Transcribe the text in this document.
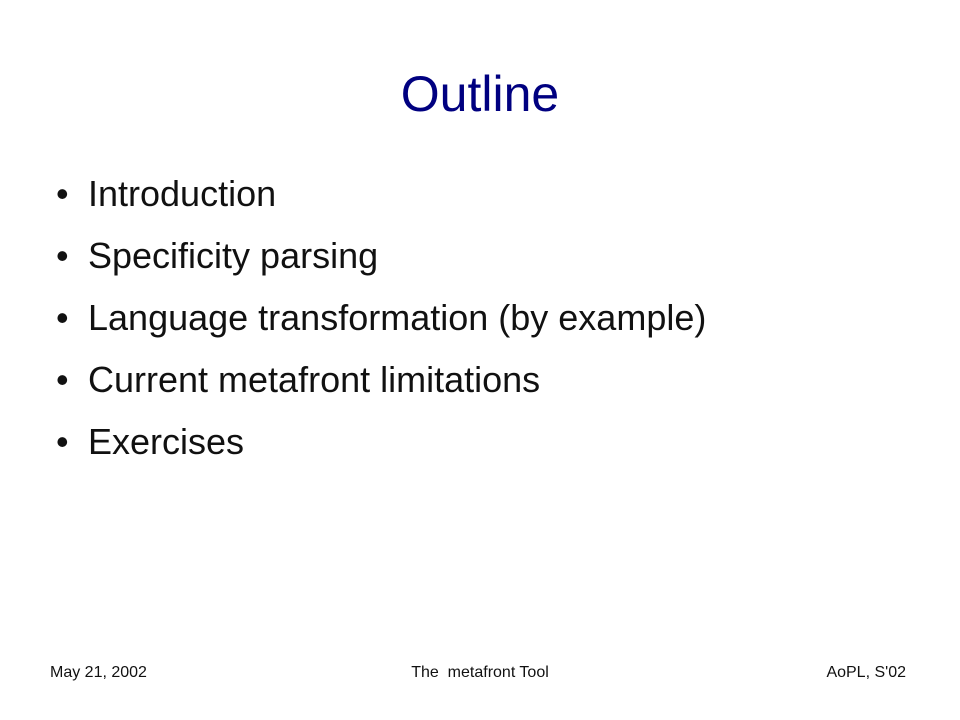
Outline
• Introduction
• Specificity parsing
• Language transformation (by example)
• Current metafront limitations
• Exercises
May 21, 2002	The  metafront Tool	AoPL, S'02
